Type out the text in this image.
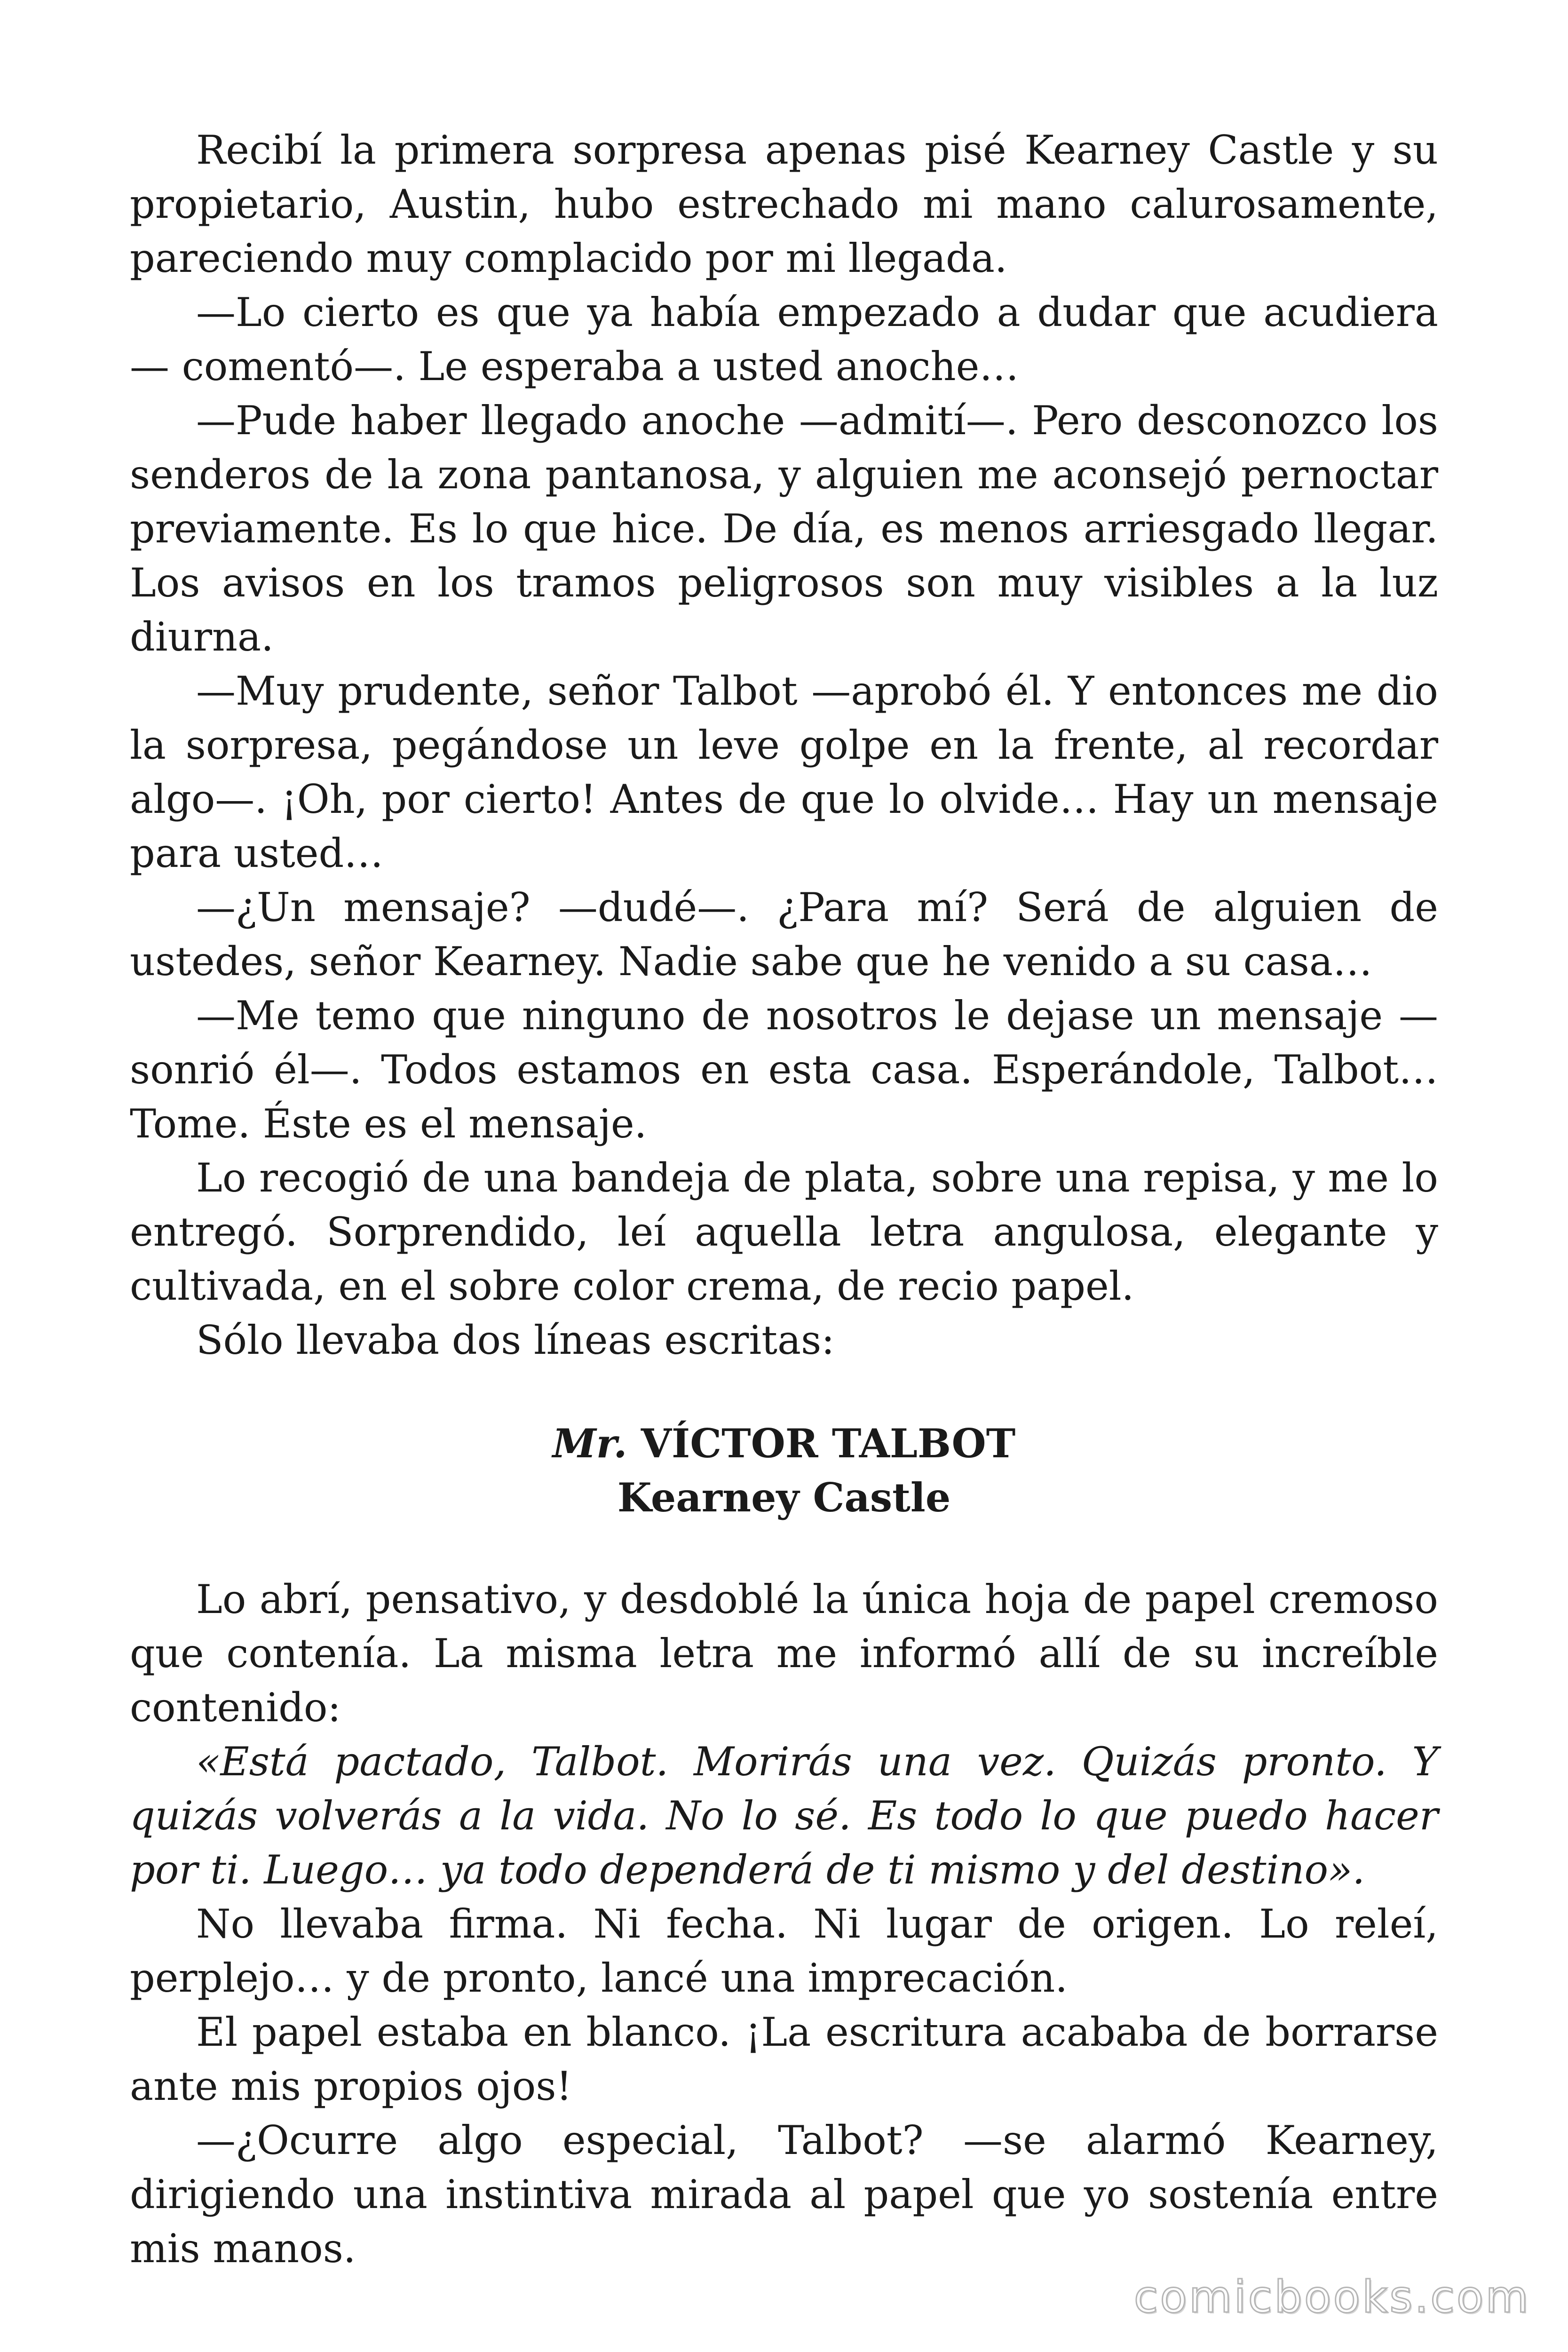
Recibí la primera sorpresa apenas pisé Kearney Castle y su propietario, Austin, hubo estrechado mi mano calurosamente, pareciendo muy complacido por mi llegada.

—Lo cierto es que ya había empezado a dudar que acudiera — comentó—. Le esperaba a usted anoche…

—Pude haber llegado anoche —admití—. Pero desconozco los senderos de la zona pantanosa, y alguien me aconsejó pernoctar previamente. Es lo que hice. De día, es menos arriesgado llegar. Los avisos en los tramos peligrosos son muy visibles a la luz diurna.

—Muy prudente, señor Talbot —aprobó él. Y entonces me dio la sorpresa, pegándose un leve golpe en la frente, al recordar algo—. ¡Oh, por cierto! Antes de que lo olvide… Hay un mensaje para usted…

—¿Un mensaje? —dudé—. ¿Para mí? Será de alguien de ustedes, señor Kearney. Nadie sabe que he venido a su casa…

—Me temo que ninguno de nosotros le dejase un mensaje — sonrió él—. Todos estamos en esta casa. Esperándole, Talbot… Tome. Éste es el mensaje.

Lo recogió de una bandeja de plata, sobre una repisa, y me lo entregó. Sorprendido, leí aquella letra angulosa, elegante y cultivada, en el sobre color crema, de recio papel.

Sólo llevaba dos líneas escritas:

Mr. VÍCTOR TALBOT

Kearney Castle

Lo abrí, pensativo, y desdoblé la única hoja de papel cremoso que contenía. La misma letra me informó allí de su increíble contenido:

«Está pactado, Talbot. Morirás una vez. Quizás pronto. Y quizás volverás a la vida. No lo sé. Es todo lo que puedo hacer por ti. Luego… ya todo dependerá de ti mismo y del destino».

No llevaba firma. Ni fecha. Ni lugar de origen. Lo releí, perplejo… y de pronto, lancé una imprecación.

El papel estaba en blanco. ¡La escritura acababa de borrarse ante mis propios ojos!

—¿Ocurre algo especial, Talbot? —se alarmó Kearney, dirigiendo una instintiva mirada al papel que yo sostenía entre mis manos.

comicbooks.com
